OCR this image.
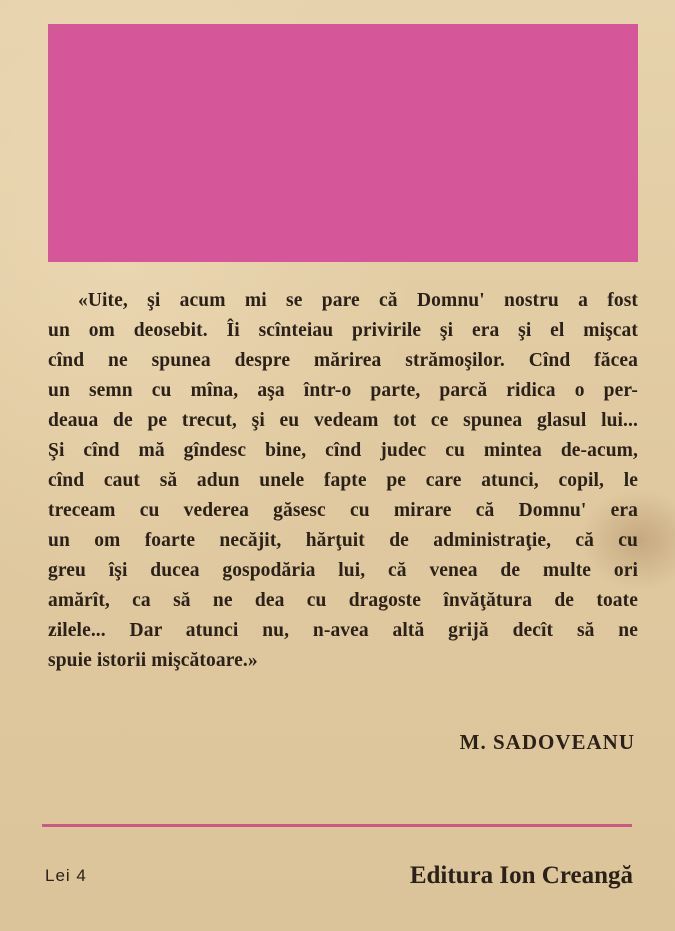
«Uite, şi acum mi se pare că Domnu' nostru a fost
un om deosebit. Îi scînteiau privirile şi era şi el mişcat
cînd ne spunea despre mărirea strămoşilor. Cînd făcea
un semn cu mîna, aşa într-o parte, parcă ridica o per-
deaua de pe trecut, şi eu vedeam tot ce spunea glasul lui...
Şi cînd mă gîndesc bine, cînd judec cu mintea de-acum,
cînd caut să adun unele fapte pe care atunci, copil, le
treceam cu vederea găsesc cu mirare că Domnu' era
un om foarte necăjit, hărţuit de administraţie, că cu
greu îşi ducea gospodăria lui, că venea de multe ori
amărît, ca să ne dea cu dragoste învăţătura de toate
zilele... Dar atunci nu, n-avea altă grijă decît să ne
spuie istorii mişcătoare.»
M. SADOVEANU
Lei 4	Editura Ion Creangă
